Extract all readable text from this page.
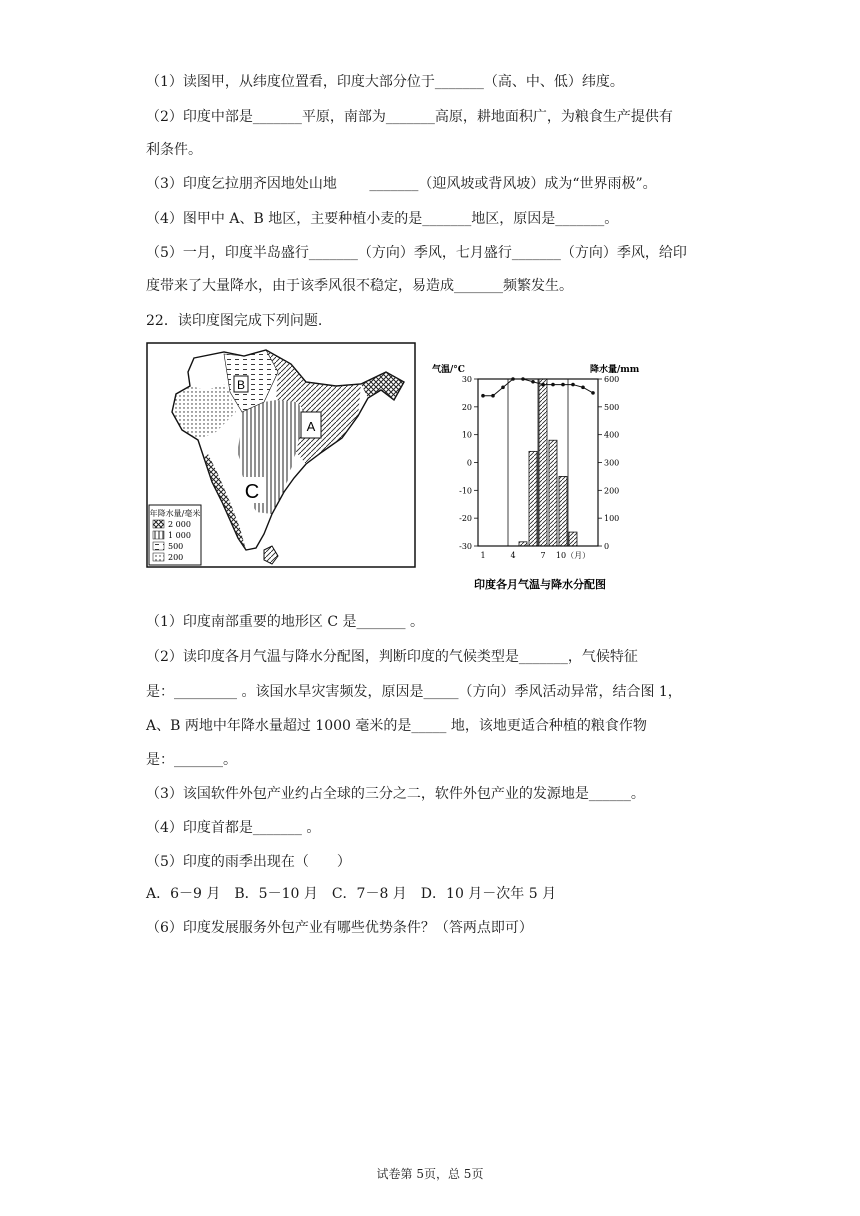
（1）读图甲，从纬度位置看，印度大部分位于_______（高、中、低）纬度。
（2）印度中部是_______平原，南部为_______高原，耕地面积广，为粮食生产提供有
利条件。
（3）印度乞拉朋齐因地处山地　 　_______（迎风坡或背风坡）成为“世界雨极”。
（4）图甲中 A、B 地区，主要种植小麦的是_______地区，原因是_______。
（5）一月，印度半岛盛行_______（方向）季风，七月盛行_______（方向）季风，给印
度带来了大量降水，由于该季风很不稳定，易造成_______频繁发生。
22．读印度图完成下列问题.
B
A
C
年降水量/毫米
2 000
1 000
500
200
气温/°C	降水量/mm
30
20
10
0
-10
-20
-30
600
500
400
300
200
100
0
1	4	7 10（月）
印度各月气温与降水分配图
（1）印度南部重要的地形区 C 是_______ 。
（2）读印度各月气温与降水分配图，判断印度的气候类型是_______，气候特征
是：_________ 。该国水旱灾害频发，原因是_____（方向）季风活动异常，结合图 1，
A、B 两地中年降水量超过 1000 毫米的是_____ 地，该地更适合种植的粮食作物
是：_______。
（3）该国软件外包产业约占全球的三分之二，软件外包产业的发源地是______。
（4）印度首都是_______ 。
（5）印度的雨季出现在（　　）
A．6－9 月　B．5－10 月　C．7－8 月　D．10 月－次年 5 月
（6）印度发展服务外包产业有哪些优势条件？（答两点即可）
试卷第 5页，总 5页
